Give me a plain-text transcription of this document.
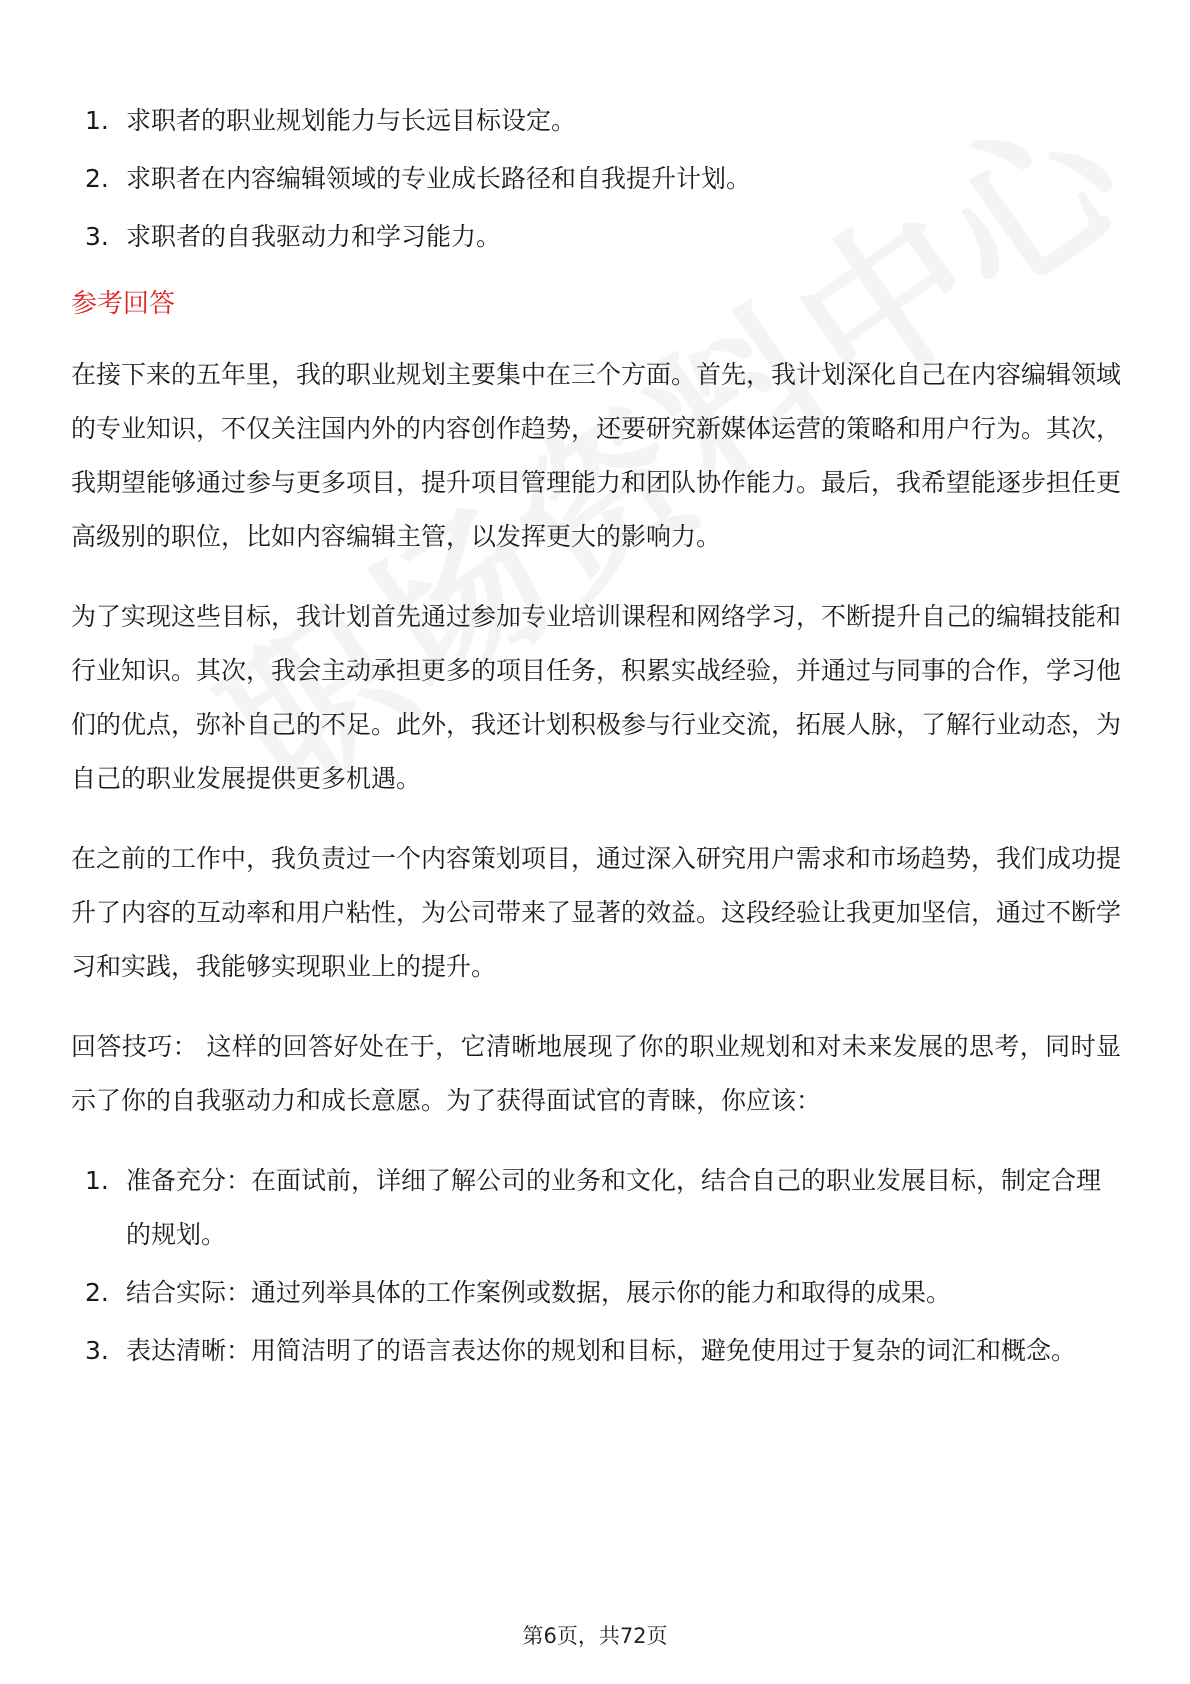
1. 求职者的职业规划能力与长远目标设定。
2. 求职者在内容编辑领域的专业成长路径和自我提升计划。
3. 求职者的自我驱动力和学习能力。
参考回答

在接下来的五年里，我的职业规划主要集中在三个方面。首先，我计划深化自己在内容编辑领域的专业知识，不仅关注国内外的内容创作趋势，还要研究新媒体运营的策略和用户行为。其次，我期望能够通过参与更多项目，提升项目管理能力和团队协作能力。最后，我希望能逐步担任更高级别的职位，比如内容编辑主管，以发挥更大的影响力。

为了实现这些目标，我计划首先通过参加专业培训课程和网络学习，不断提升自己的编辑技能和行业知识。其次，我会主动承担更多的项目任务，积累实战经验，并通过与同事的合作，学习他们的优点，弥补自己的不足。此外，我还计划积极参与行业交流，拓展人脉，了解行业动态，为自己的职业发展提供更多机遇。

在之前的工作中，我负责过一个内容策划项目，通过深入研究用户需求和市场趋势，我们成功提升了内容的互动率和用户粘性，为公司带来了显著的效益。这段经验让我更加坚信，通过不断学习和实践，我能够实现职业上的提升。

回答技巧： 这样的回答好处在于，它清晰地展现了你的职业规划和对未来发展的思考，同时显示了你的自我驱动力和成长意愿。为了获得面试官的青睐，你应该：

1. 准备充分：在面试前，详细了解公司的业务和文化，结合自己的职业发展目标，制定合理的规划。
2. 结合实际：通过列举具体的工作案例或数据，展示你的能力和取得的成果。
3. 表达清晰：用简洁明了的语言表达你的规划和目标，避免使用过于复杂的词汇和概念。
第6页，共72页
